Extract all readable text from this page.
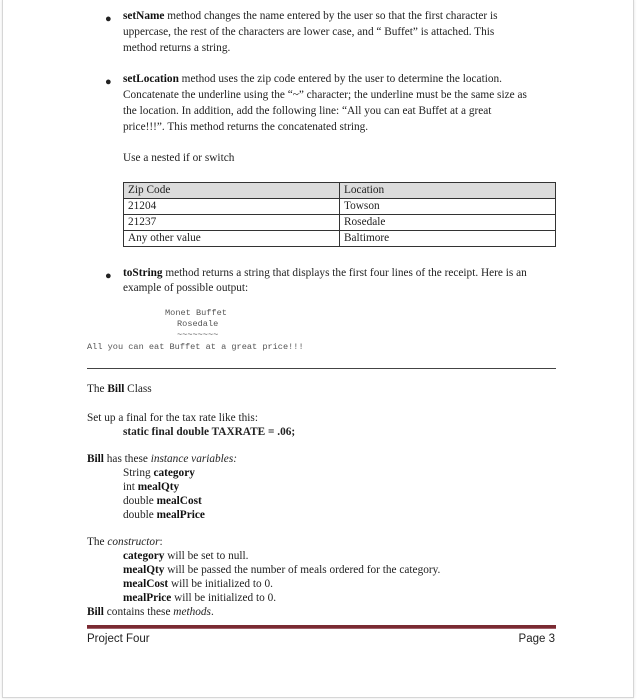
● setName method changes the name entered by the user so that the first character is
uppercase, the rest of the characters are lower case, and “ Buffet” is attached. This
method returns a string.
● setLocation method uses the zip code entered by the user to determine the location.
Concatenate the underline using the “~” character; the underline must be the same size as
the location. In addition, add the following line: “All you can eat Buffet at a great
price!!!”. This method returns the concatenated string.
Use a nested if or switch
Zip Code	Location
21204	Towson
21237	Rosedale
Any other value	Baltimore
● toString method returns a string that displays the first four lines of the receipt. Here is an
example of possible output:
Monet Buffet
Rosedale
~~~~~~~~
All you can eat Buffet at a great price!!!
The Bill Class
Set up a final for the tax rate like this:
static final double TAXRATE = .06;
Bill has these instance variables:
String category
int mealQty
double mealCost
double mealPrice
The constructor:
category will be set to null.
mealQty will be passed the number of meals ordered for the category.
mealCost will be initialized to 0.
mealPrice will be initialized to 0.
Bill contains these methods.
Project Four	Page 3
